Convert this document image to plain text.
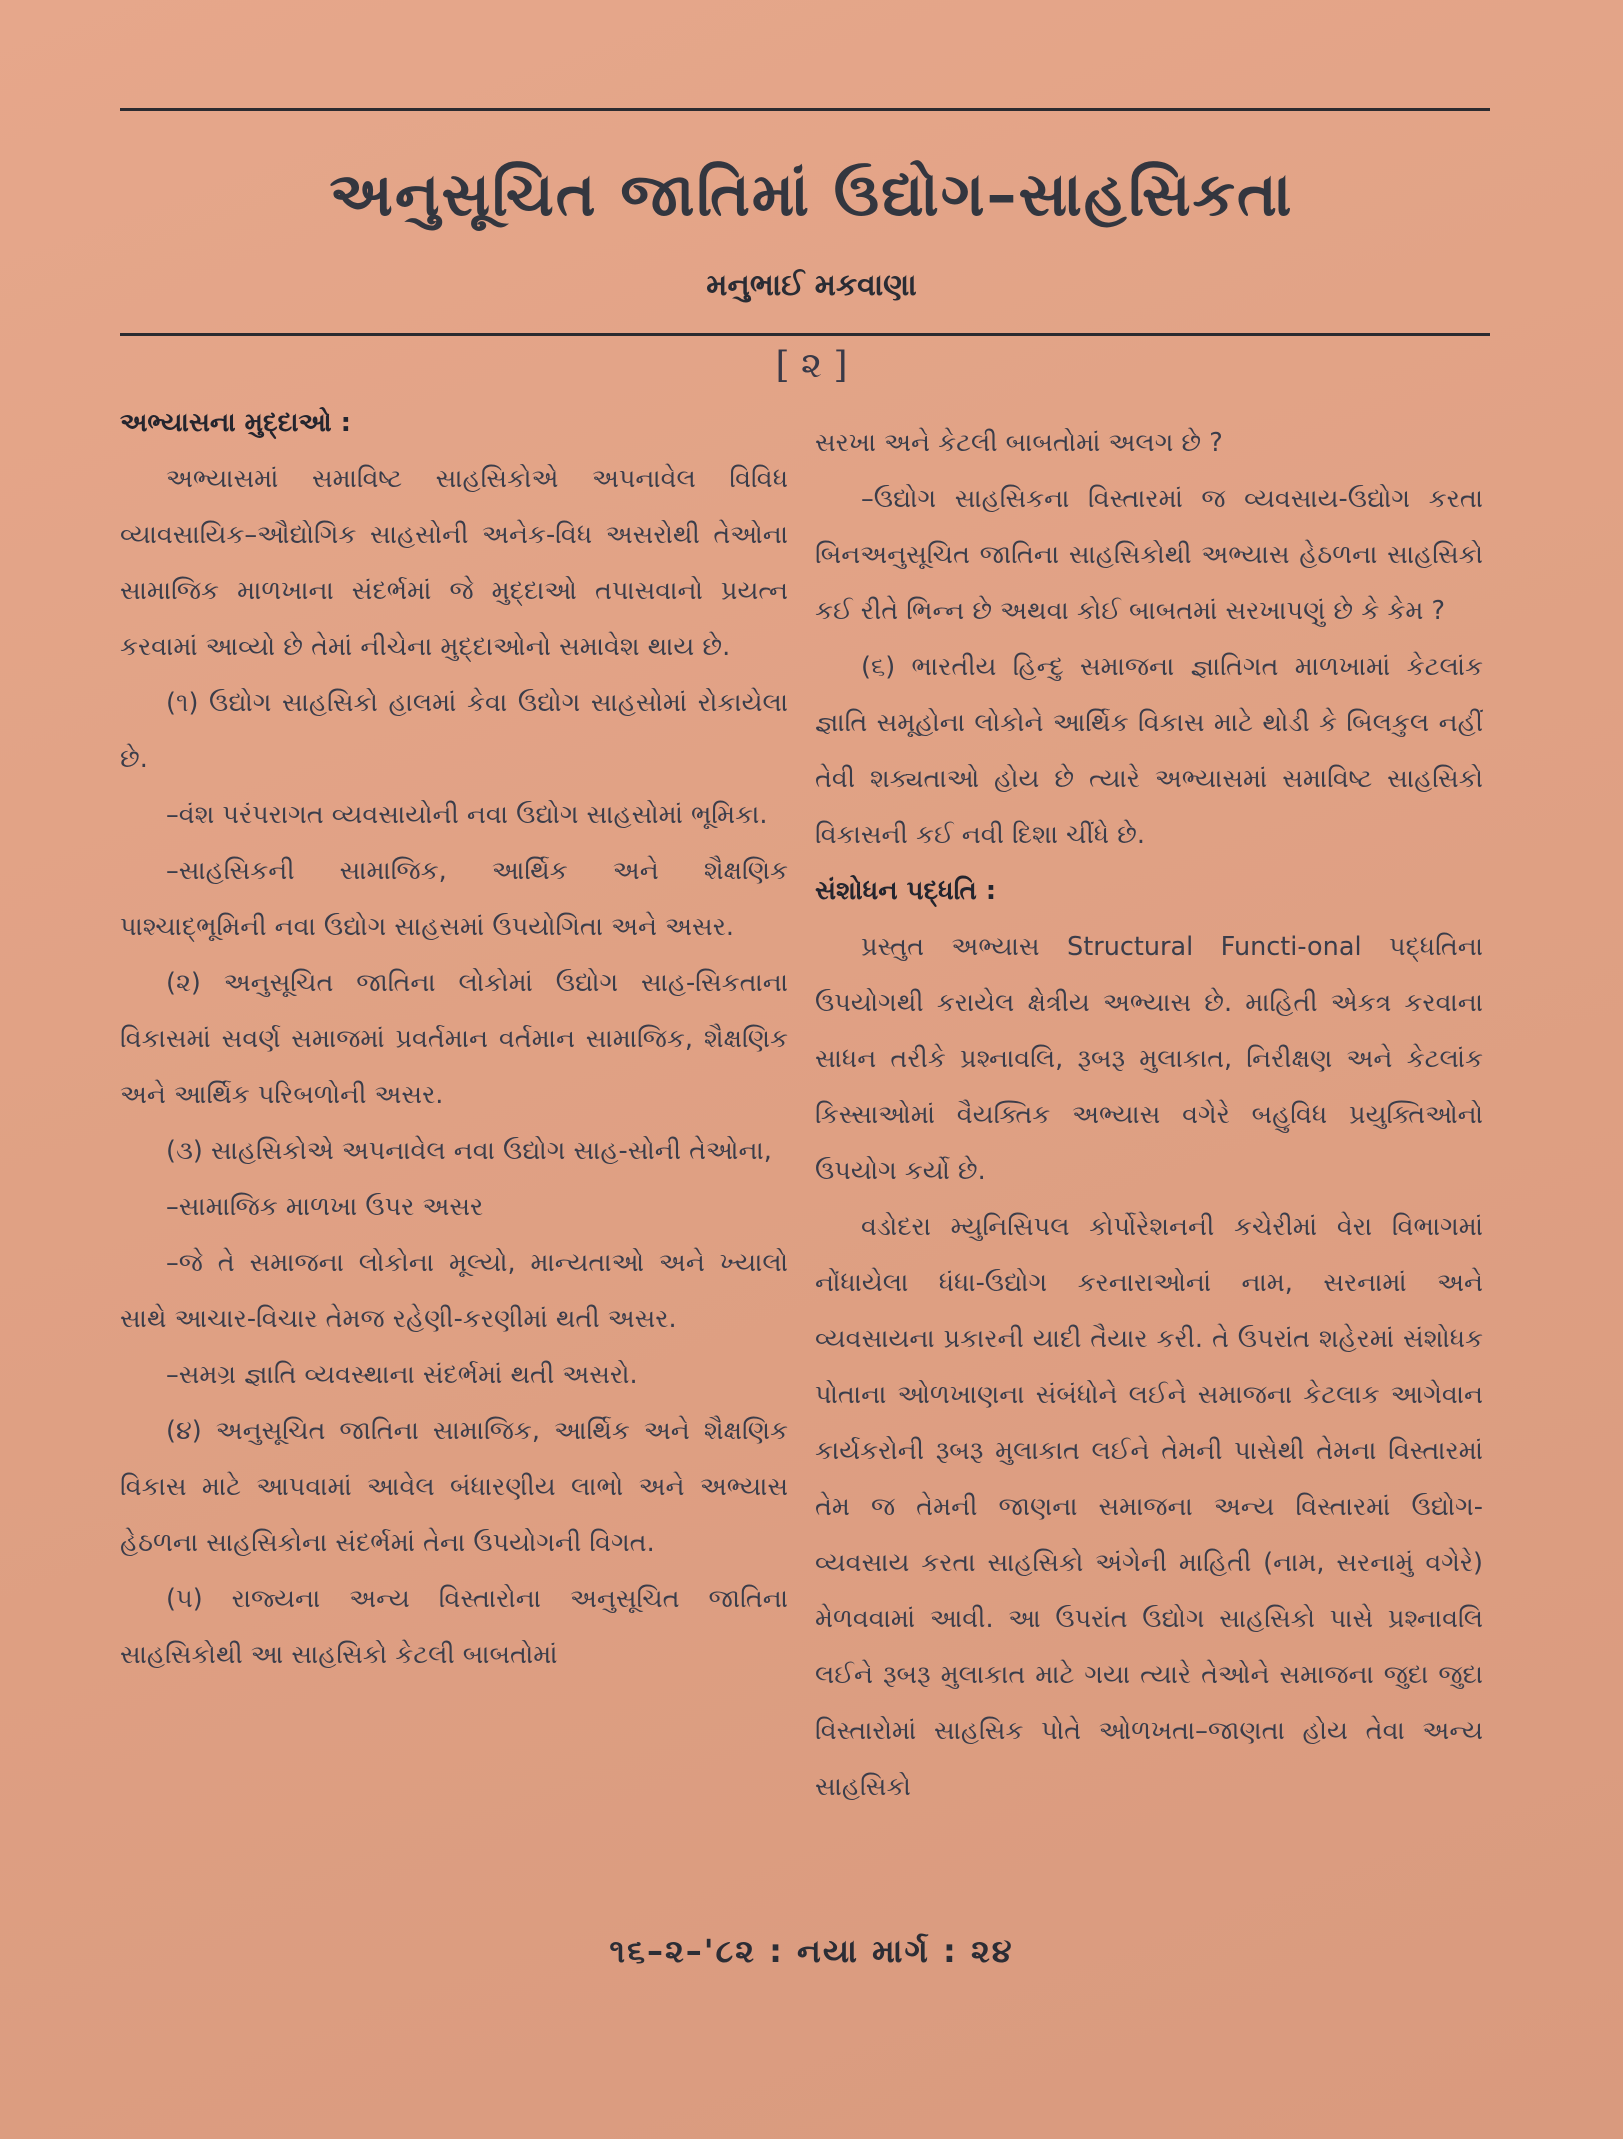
અનુસૂચિત જાતિમાં ઉદ્યોગ–સાહસિકતા
મનુભાઈ મકવાણા
[ ૨ ]

અભ્યાસના મુદ્દાઓ :

અભ્યાસમાં સમાવિષ્ટ સાહસિકોએ અપનાવેલ વિવિધ વ્યાવસાયિક–ઔદ્યોગિક સાહસોની અનેક-વિધ અસરોથી તેઓના સામાજિક માળખાના સંદર્ભમાં જે મુદ્દાઓ તપાસવાનો પ્રયત્ન કરવામાં આવ્યો છે તેમાં નીચેના મુદ્દાઓનો સમાવેશ થાય છે.

(૧) ઉદ્યોગ સાહસિકો હાલમાં કેવા ઉદ્યોગ સાહસોમાં રોકાયેલા છે.

–વંશ પરંપરાગત વ્યવસાયોની નવા ઉદ્યોગ સાહસોમાં ભૂમિકા.

–સાહસિકની સામાજિક, આર્થિક અને શૈક્ષણિક પાશ્ચાદ્ભૂમિની નવા ઉદ્યોગ સાહસમાં ઉપયોગિતા અને અસર.

(૨) અનુસૂચિત જાતિના લોકોમાં ઉદ્યોગ સાહ-સિકતાના વિકાસમાં સવર્ણ સમાજમાં પ્રવર્તમાન વર્તમાન સામાજિક, શૈક્ષણિક અને આર્થિક પરિબળોની અસર.

(૩) સાહસિકોએ અપનાવેલ નવા ઉદ્યોગ સાહ-સોની તેઓના,

–સામાજિક માળખા ઉપર અસર

–જે તે સમાજના લોકોના મૂલ્યો, માન્યતાઓ અને ખ્યાલો સાથે આચાર-વિચાર તેમજ રહેણી-કરણીમાં થતી અસર.

–સમગ્ર જ્ઞાતિ વ્યવસ્થાના સંદર્ભમાં થતી અસરો.

(૪) અનુસૂચિત જાતિના સામાજિક, આર્થિક અને શૈક્ષણિક વિકાસ માટે આપવામાં આવેલ બંધારણીય લાભો અને અભ્યાસ હેઠળના સાહસિકોના સંદર્ભમાં તેના ઉપયોગની વિગત.

(૫) રાજ્યના અન્ય વિસ્તારોના અનુસૂચિત જાતિના સાહસિકોથી આ સાહસિકો કેટલી બાબતોમાં

સરખા અને કેટલી બાબતોમાં અલગ છે ?

–ઉદ્યોગ સાહસિકના વિસ્તારમાં જ વ્યવસાય-ઉદ્યોગ કરતા બિનઅનુસૂચિત જાતિના સાહસિકોથી અભ્યાસ હેઠળના સાહસિકો કઈ રીતે ભિન્ન છે અથવા કોઈ બાબતમાં સરખાપણું છે કે કેમ ?

(૬) ભારતીય હિન્દુ સમાજના જ્ઞાતિગત માળખામાં કેટલાંક જ્ઞાતિ સમૂહોના લોકોને આર્થિક વિકાસ માટે થોડી કે બિલકુલ નહીં તેવી શક્યતાઓ હોય છે ત્યારે અભ્યાસમાં સમાવિષ્ટ સાહસિકો વિકાસની કઈ નવી દિશા ચીંધે છે.

સંશોધન પદ્ધતિ :

પ્રસ્તુત અભ્યાસ Structural Functi-onal પદ્ધતિના ઉપયોગથી કરાયેલ ક્ષેત્રીય અભ્યાસ છે. માહિતી એકત્ર કરવાના સાધન તરીકે પ્રશ્નાવલિ, રૂબરૂ મુલાકાત, નિરીક્ષણ અને કેટલાંક કિસ્સાઓમાં વૈયક્તિક અભ્યાસ વગેરે બહુવિધ પ્રયુક્તિઓનો ઉપયોગ કર્યો છે.

વડોદરા મ્યુનિસિપલ કોર્પોરેશનની કચેરીમાં વેરા વિભાગમાં નોંધાયેલા ધંધા-ઉદ્યોગ કરનારાઓનાં નામ, સરનામાં અને વ્યવસાયના પ્રકારની યાદી તૈયાર કરી. તે ઉપરાંત શહેરમાં સંશોધક પોતાના ઓળખાણના સંબંધોને લઈને સમાજના કેટલાક આગેવાન કાર્યકરોની રૂબરૂ મુલાકાત લઈને તેમની પાસેથી તેમના વિસ્તારમાં તેમ જ તેમની જાણના સમાજના અન્ય વિસ્તારમાં ઉદ્યોગ-વ્યવસાય કરતા સાહસિકો અંગેની માહિતી (નામ, સરનામું વગેરે) મેળવવામાં આવી. આ ઉપરાંત ઉદ્યોગ સાહસિકો પાસે પ્રશ્નાવલિ લઈને રૂબરૂ મુલાકાત માટે ગયા ત્યારે તેઓને સમાજના જુદા જુદા વિસ્તારોમાં સાહસિક પોતે ઓળખતા–જાણતા હોય તેવા અન્ય સાહસિકો

૧૬–૨–'૮૨ : નયા માર્ગ : ૨૪
